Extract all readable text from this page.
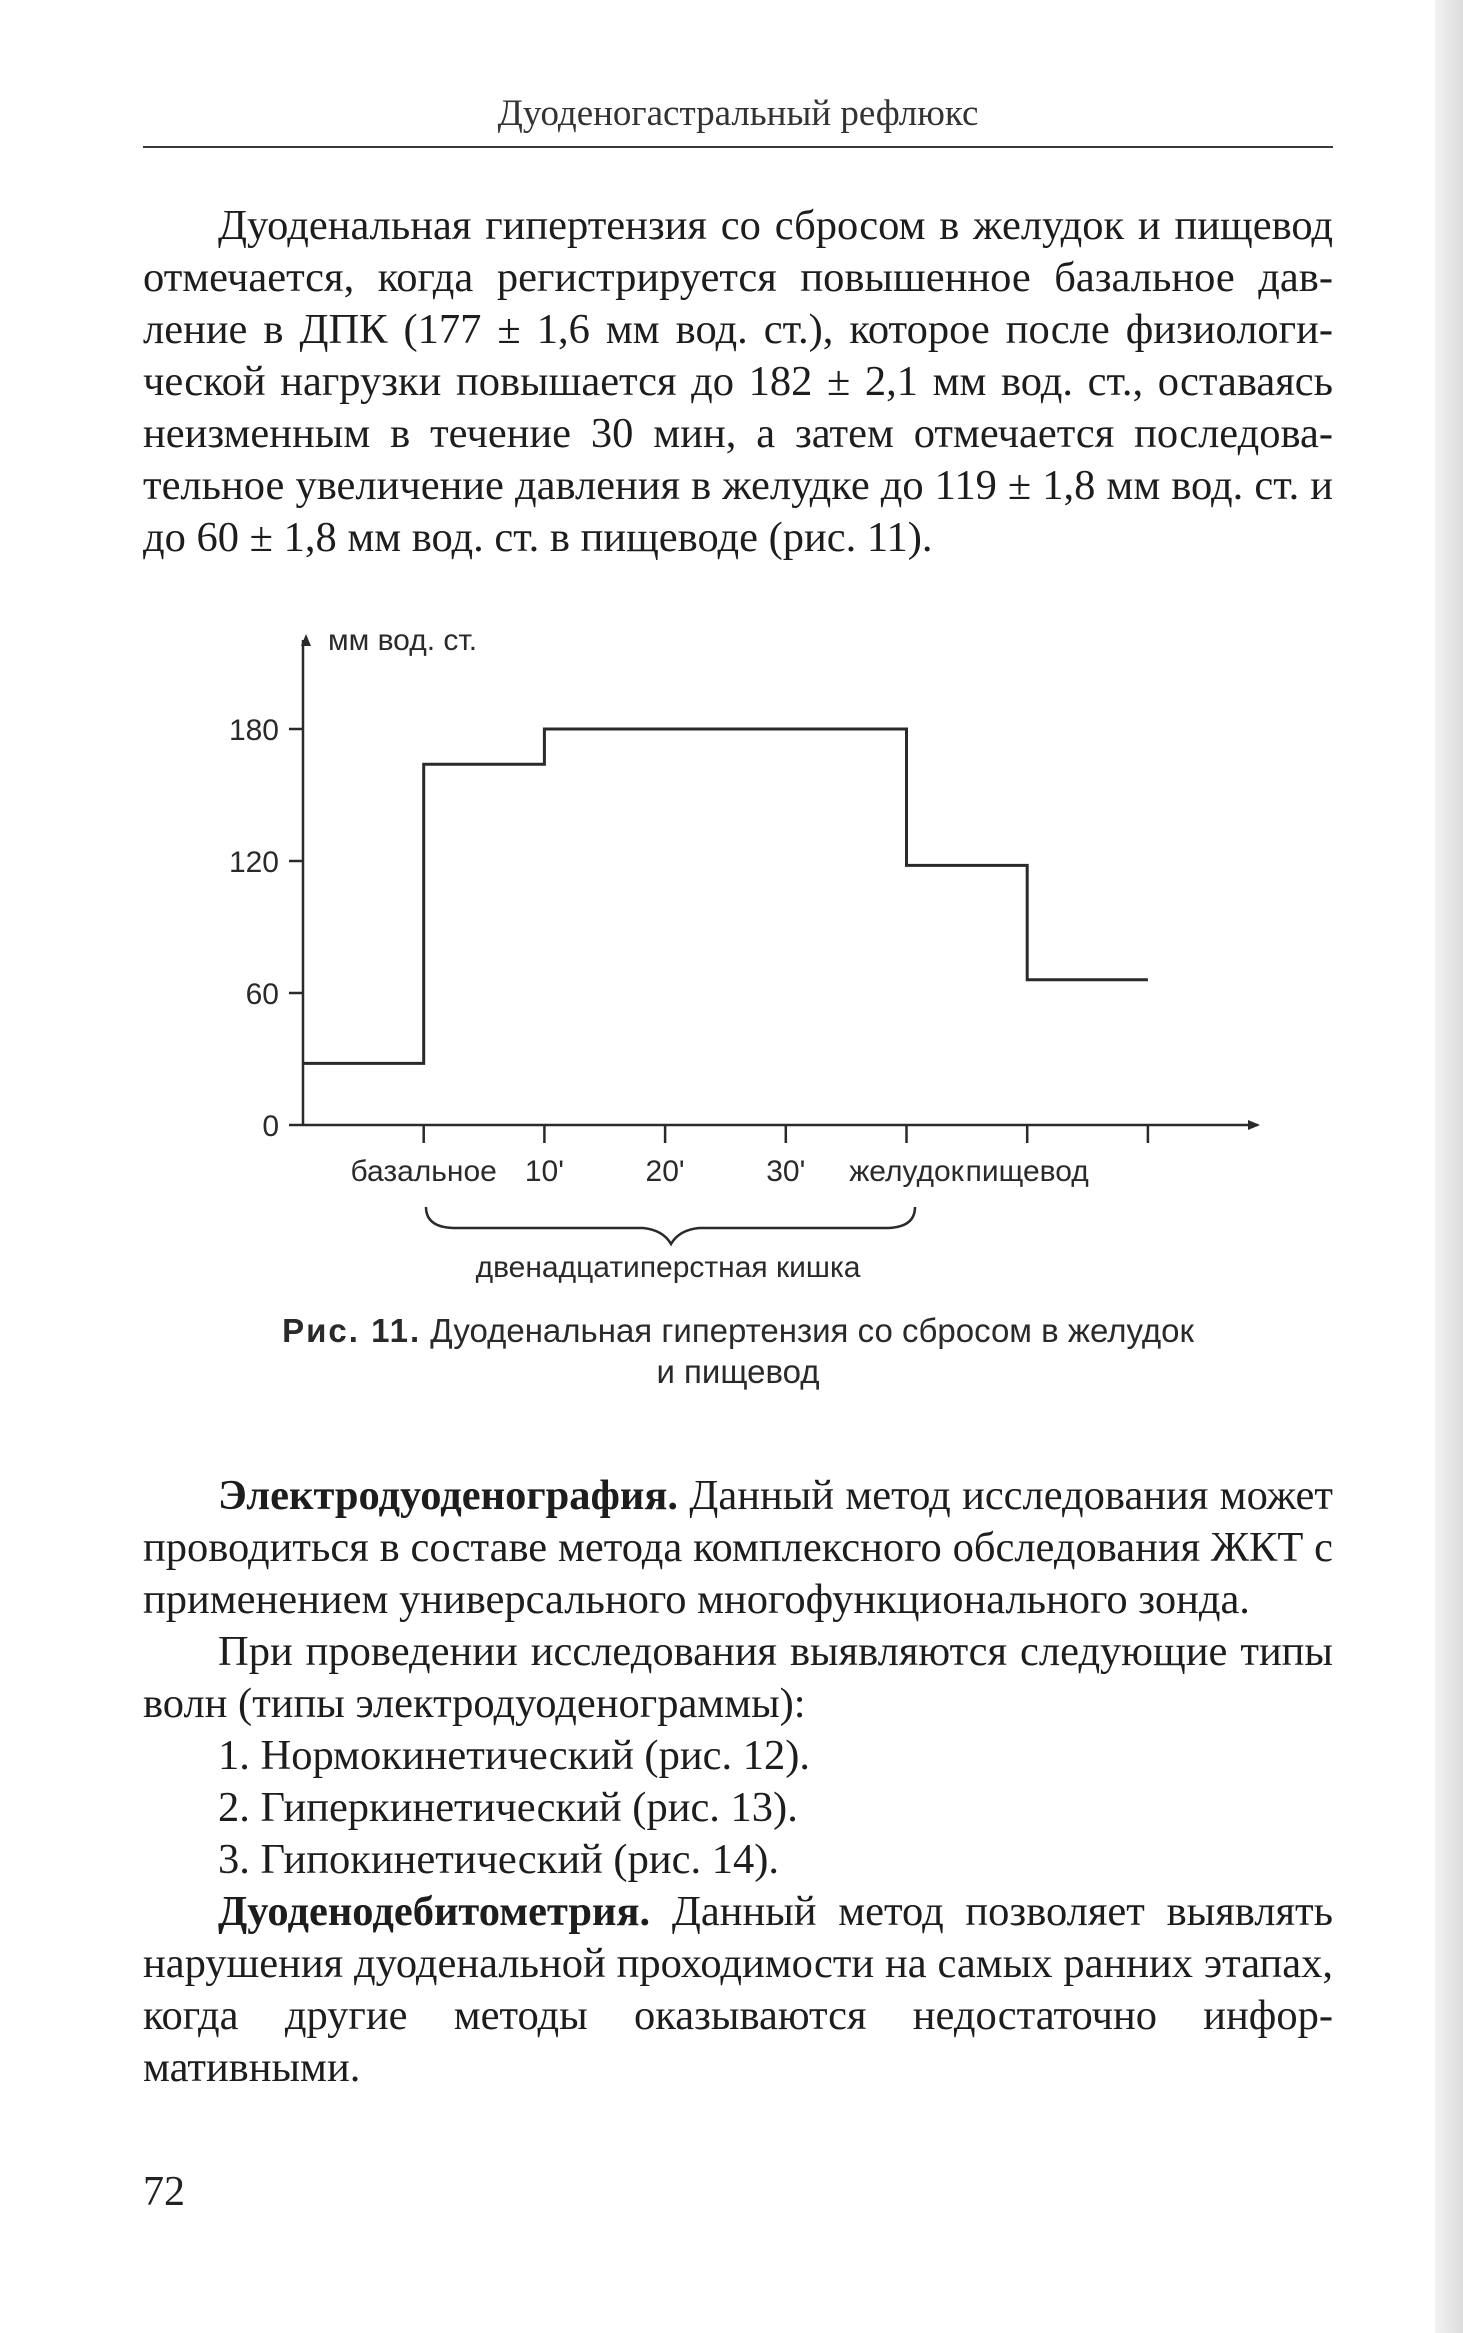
Дуоденогастральный рефлюкс

Дуоденальная гипертензия со сбросом в желудок и пищевод отмечается, когда регистрируется повышенное базальное давление в ДПК (177 ± 1,6 мм вод. ст.), которое после физиологической нагрузки повышается до 182 ± 2,1 мм вод. ст., оставаясь неизменным в течение 30 мин, а затем отмечается последовательное увеличение давления в желудке до 119 ± 1,8 мм вод. ст. и до 60 ± 1,8 мм вод. ст. в пищеводе (рис. 11).

мм вод. ст.
0
60
120
180
базальное 10'	20'	30' желудок пищевод
двенадцатиперстная кишка
Рис. 11. Дуоденальная гипертензия со сбросом в желудок
и пищевод

Электродуоденография. Данный метод исследования может проводиться в составе метода комплексного обследования ЖКТ с применением универсального многофункционального зонда.

При проведении исследования выявляются следующие типы волн (типы электродуоденограммы):

1. Нормокинетический (рис. 12).

2. Гиперкинетический (рис. 13).

3. Гипокинетический (рис. 14).

Дуоденодебитометрия. Данный метод позволяет выявлять нарушения дуоденальной проходимости на самых ранних этапах, когда другие методы оказываются недостаточно информативными.

72
